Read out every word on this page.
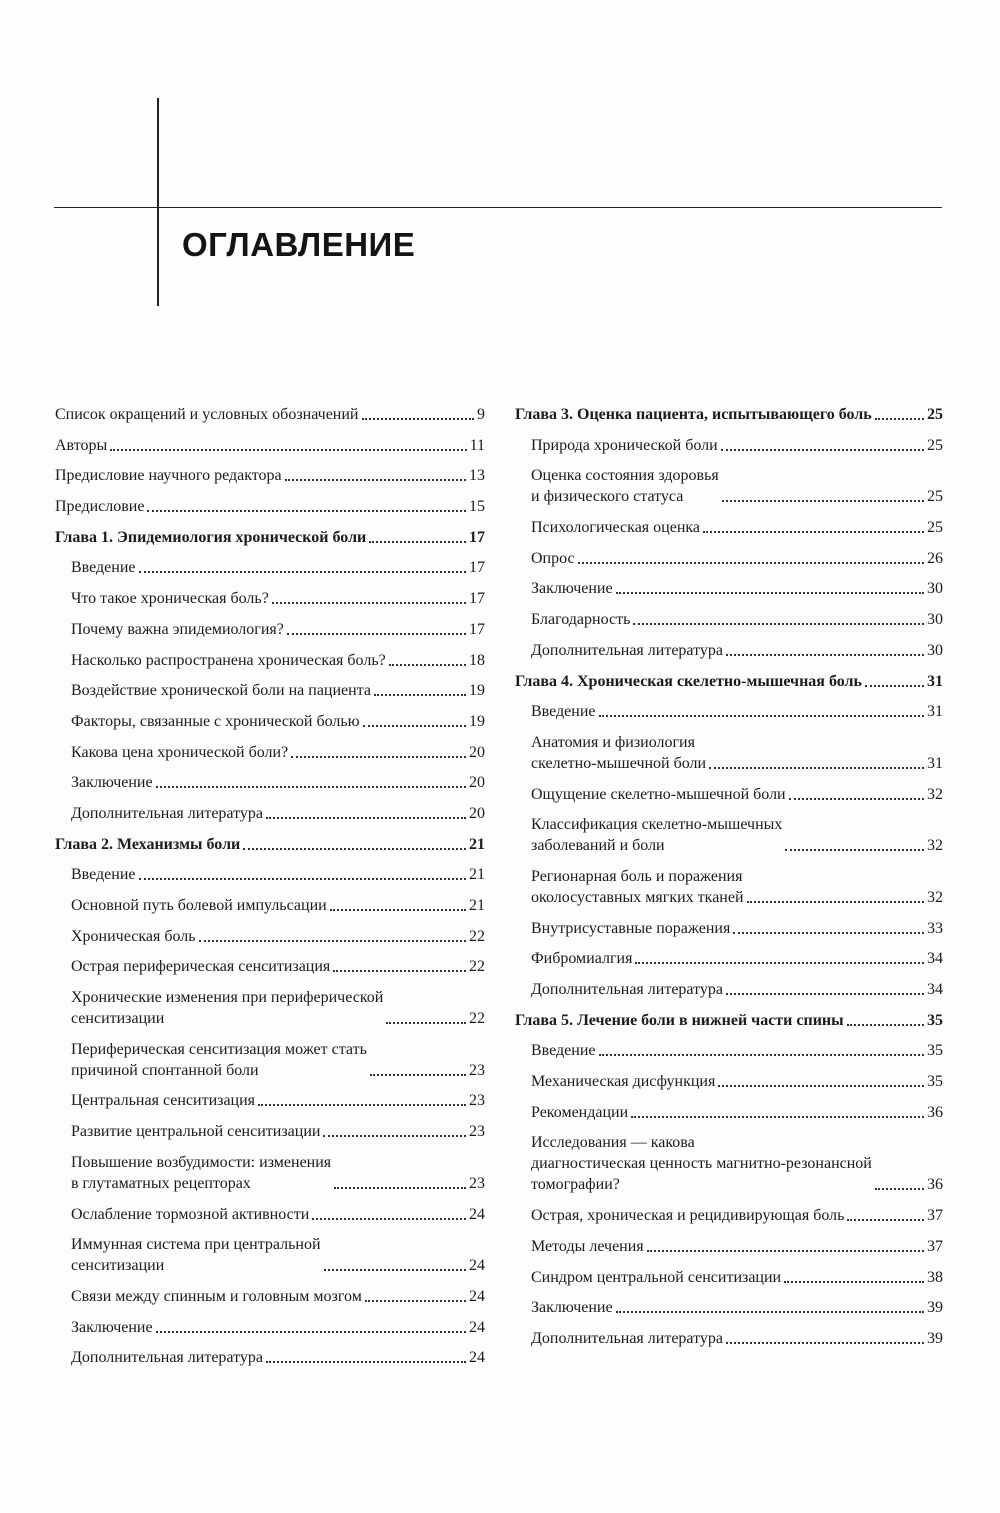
ОГЛАВЛЕНИЕ
Список окращений и условных обозначений	9
Авторы	11
Предисловие научного редактора	13
Предисловие	15
Глава 1. Эпидемиология хронической боли	17
Введение	17
Что такое хроническая боль?	17
Почему важна эпидемиология?	17
Насколько распространена хроническая боль?	18
Воздействие хронической боли на пациента	19
Факторы, связанные с хронической болью	19
Какова цена хронической боли?	20
Заключение	20
Дополнительная литература	20
Глава 2. Механизмы боли	21
Введение	21
Основной путь болевой импульсации	21
Хроническая боль	22
Острая периферическая сенситизация	22
Хронические изменения при периферической
сенситизации	22
Периферическая сенситизация может стать
причиной спонтанной боли	23
Центральная сенситизация	23
Развитие центральной сенситизации	23
Повышение возбудимости: изменения
в глутаматных рецепторах	23
Ослабление тормозной активности	24
Иммунная система при центральной
сенситизации	24
Связи между спинным и головным мозгом	24
Заключение	24
Дополнительная литература	24
Глава 3. Оценка пациента, испытывающего боль	25
Природа хронической боли	25
Оценка состояния здоровья
и физического статуса	25
Психологическая оценка	25
Опрос	26
Заключение	30
Благодарность	30
Дополнительная литература	30
Глава 4. Хроническая скелетно-мышечная боль	31
Введение	31
Анатомия и физиология
скелетно-мышечной боли	31
Ощущение скелетно-мышечной боли	32
Классификация скелетно-мышечных
заболеваний и боли	32
Регионарная боль и поражения
околосуставных мягких тканей	32
Внутрисуставные поражения	33
Фибромиалгия	34
Дополнительная литература	34
Глава 5. Лечение боли в нижней части спины	35
Введение	35
Механическая дисфункция	35
Рекомендации	36
Исследования — какова
диагностическая ценность магнитно-резонансной
томографии?	36
Острая, хроническая и рецидивирующая боль	37
Методы лечения	37
Синдром центральной сенситизации	38
Заключение	39
Дополнительная литература	39
